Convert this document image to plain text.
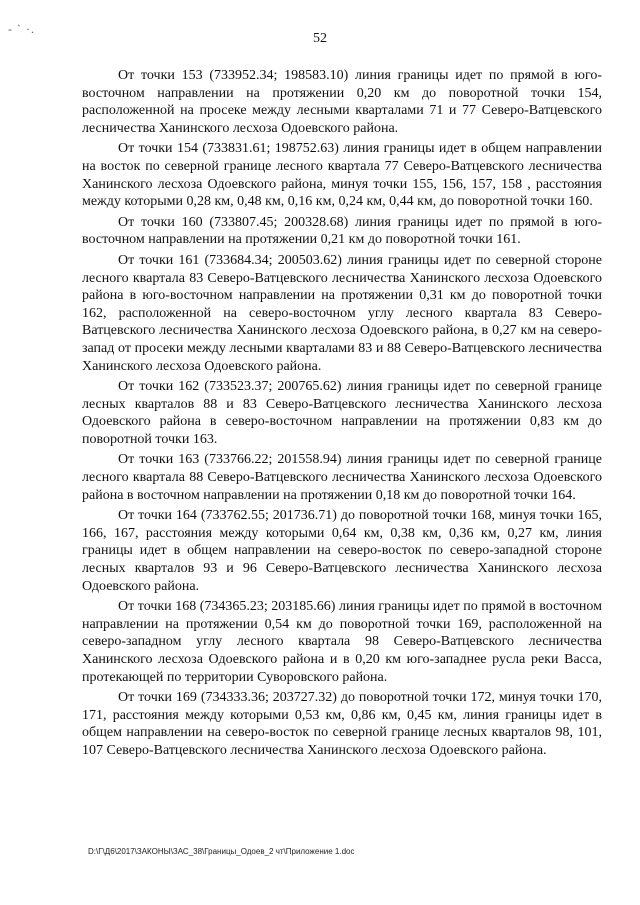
- ` ·.
52

От точки 153 (733952.34; 198583.10) линия границы идет по прямой в юго-восточном направлении на протяжении 0,20 км до поворотной точки 154, расположенной на просеке между лесными кварталами 71 и 77 Северо-Ватцевского лесничества Ханинского лесхоза Одоевского района.

От точки 154 (733831.61; 198752.63) линия границы идет в общем направлении на восток по северной границе лесного квартала 77 Северо-Ватцевского лесничества Ханинского лесхоза Одоевского района, минуя точки 155, 156, 157, 158 , расстояния между которыми 0,28 км, 0,48 км, 0,16 км, 0,24 км, 0,44 км, до поворотной точки 160.

От точки 160 (733807.45; 200328.68) линия границы идет по прямой в юго-восточном направлении на протяжении 0,21 км до поворотной точки 161.

От точки 161 (733684.34; 200503.62) линия границы идет по северной стороне лесного квартала 83 Северо-Ватцевского лесничества Ханинского лесхоза Одоевского района в юго-восточном направлении на протяжении 0,31 км до поворотной точки 162, расположенной на северо-восточном углу лесного квартала 83 Северо-Ватцевского лесничества Ханинского лесхоза Одоевского района, в 0,27 км на северо-запад от просеки между лесными кварталами 83 и 88 Северо-Ватцевского лесничества Ханинского лесхоза Одоевского района.

От точки 162 (733523.37; 200765.62) линия границы идет по северной границе лесных кварталов 88 и 83 Северо-Ватцевского лесничества Ханинского лесхоза Одоевского района в северо-восточном направлении на протяжении 0,83 км до поворотной точки 163.

От точки 163 (733766.22; 201558.94) линия границы идет по северной границе лесного квартала 88 Северо-Ватцевского лесничества Ханинского лесхоза Одоевского района в восточном направлении на протяжении 0,18 км до поворотной точки 164.

От точки 164 (733762.55; 201736.71) до поворотной точки 168, минуя точки 165, 166, 167, расстояния между которыми 0,64 км, 0,38 км, 0,36 км, 0,27 км, линия границы идет в общем направлении на северо-восток по северо-западной стороне лесных кварталов 93 и 96 Северо-Ватцевского лесничества Ханинского лесхоза Одоевского района.

От точки 168 (734365.23; 203185.66) линия границы идет по прямой в восточном направлении на протяжении 0,54 км до поворотной точки 169, расположенной на северо-западном углу лесного квартала 98 Северо-Ватцевского лесничества Ханинского лесхоза Одоевского района и в 0,20 км юго-западнее русла реки Васса, протекающей по территории Суворовского района.

От точки 169 (734333.36; 203727.32) до поворотной точки 172, минуя точки 170, 171, расстояния между которыми 0,53 км, 0,86 км, 0,45 км, линия границы идет в общем направлении на северо-восток по северной границе лесных кварталов 98, 101, 107 Северо-Ватцевского лесничества Ханинского лесхоза Одоевского района.

D:\Г\Д6\2017\ЗАКОНЫ\ЗАС_38\Границы_Одоев_2 чт\Приложение 1.doc
